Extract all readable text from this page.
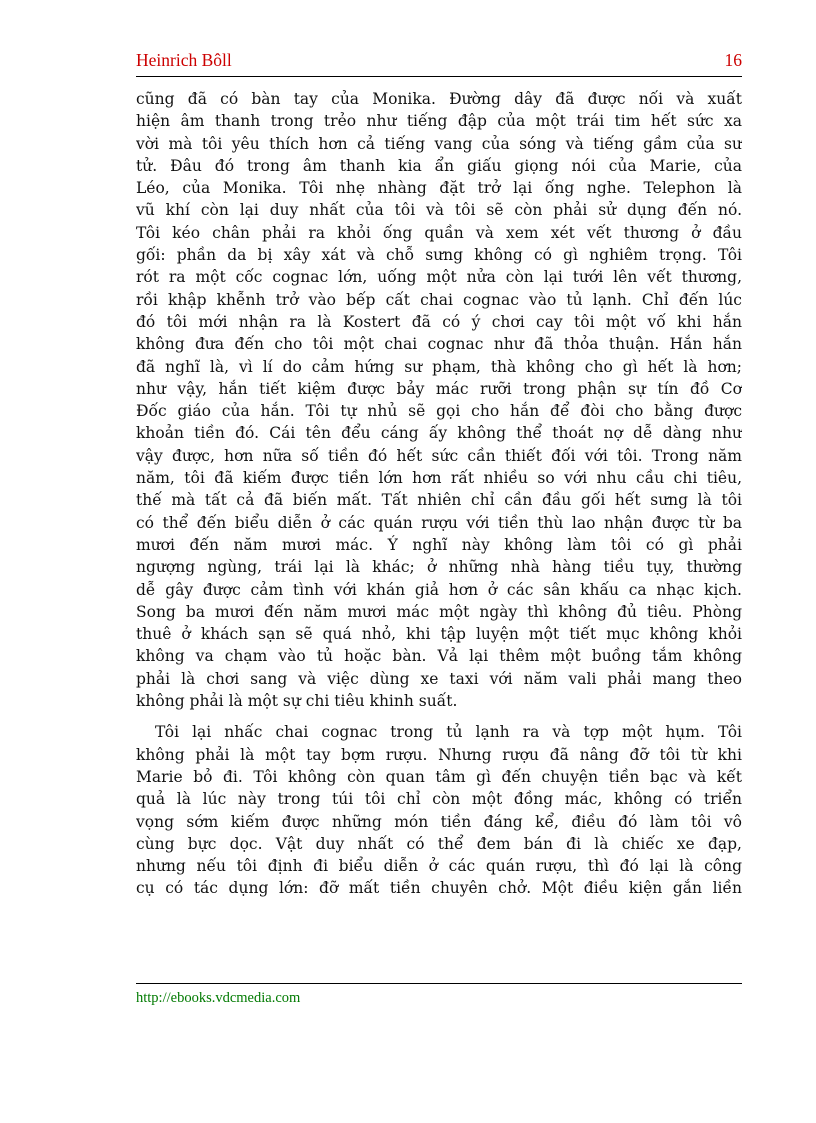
Heinrich Bôll	16
cũng đã có bàn tay của Monika. Đường dây đã được nối và xuất
hiện âm thanh trong trẻo như tiếng đập của một trái tim hết sức xa
vời mà tôi yêu thích hơn cả tiếng vang của sóng và tiếng gầm của sư
tử. Đâu đó trong âm thanh kia ẩn giấu giọng nói của Marie, của
Léo, của Monika. Tôi nhẹ nhàng đặt trở lại ống nghe. Telephon là
vũ khí còn lại duy nhất của tôi và tôi sẽ còn phải sử dụng đến nó.
Tôi kéo chân phải ra khỏi ống quần và xem xét vết thương ở đầu
gối: phần da bị xây xát và chỗ sưng không có gì nghiêm trọng. Tôi
rót ra một cốc cognac lớn, uống một nửa còn lại tưới lên vết thương,
rồi khập khễnh trở vào bếp cất chai cognac vào tủ lạnh. Chỉ đến lúc
đó tôi mới nhận ra là Kostert đã có ý chơi cay tôi một vố khi hắn
không đưa đến cho tôi một chai cognac như đã thỏa thuận. Hắn hắn
đã nghĩ là, vì lí do cảm hứng sư phạm, thà không cho gì hết là hơn;
như vậy, hắn tiết kiệm được bảy mác rưỡi trong phận sự tín đồ Cơ
Đốc giáo của hắn. Tôi tự nhủ sẽ gọi cho hắn để đòi cho bằng được
khoản tiền đó. Cái tên đểu cáng ấy không thể thoát nợ dễ dàng như
vậy được, hơn nữa số tiền đó hết sức cần thiết đối với tôi. Trong năm
năm, tôi đã kiếm được tiền lớn hơn rất nhiều so với nhu cầu chi tiêu,
thế mà tất cả đã biến mất. Tất nhiên chỉ cần đầu gối hết sưng là tôi
có thể đến biểu diễn ở các quán rượu với tiền thù lao nhận được từ ba
mươi đến năm mươi mác. Ý nghĩ này không làm tôi có gì phải
ngượng ngùng, trái lại là khác; ở những nhà hàng tiều tụy, thường
dễ gây được cảm tình với khán giả hơn ở các sân khấu ca nhạc kịch.
Song ba mươi đến năm mươi mác một ngày thì không đủ tiêu. Phòng
thuê ở khách sạn sẽ quá nhỏ, khi tập luyện một tiết mục không khỏi
không va chạm vào tủ hoặc bàn. Vả lại thêm một buồng tắm không
phải là chơi sang và việc dùng xe taxi với năm vali phải mang theo
không phải là một sự chi tiêu khinh suất.
Tôi lại nhấc chai cognac trong tủ lạnh ra và tợp một hụm. Tôi
không phải là một tay bợm rượu. Nhưng rượu đã nâng đỡ tôi từ khi
Marie bỏ đi. Tôi không còn quan tâm gì đến chuyện tiền bạc và kết
quả là lúc này trong túi tôi chỉ còn một đồng mác, không có triển
vọng sớm kiếm được những món tiền đáng kể, điều đó làm tôi vô
cùng bực dọc. Vật duy nhất có thể đem bán đi là chiếc xe đạp,
nhưng nếu tôi định đi biểu diễn ở các quán rượu, thì đó lại là công
cụ có tác dụng lớn: đỡ mất tiền chuyên chở. Một điều kiện gắn liền
http://ebooks.vdcmedia.com
